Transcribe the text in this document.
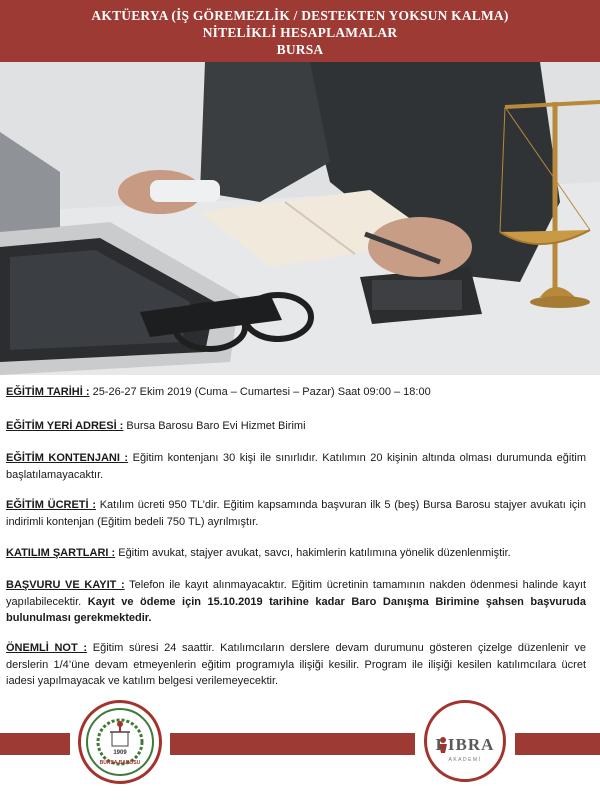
AKTÜERYA (İŞ GÖREMEZLİK / DESTEKTEN YOKSUN KALMA)
NİTELİKLİ HESAPLAMALAR
BURSA
EĞİTİM TARİHİ : 25-26-27 Ekim 2019 (Cuma – Cumartesi – Pazar) Saat 09:00 – 18:00
EĞİTİM YERİ ADRESİ : Bursa Barosu Baro Evi Hizmet Birimi
EĞİTİM KONTENJANI : Eğitim kontenjanı 30 kişi ile sınırlıdır. Katılımın 20 kişinin altında olması durumunda eğitim başlatılamayacaktır.
EĞİTİM ÜCRETİ : Katılım ücreti 950 TL’dir. Eğitim kapsamında başvuran ilk 5 (beş) Bursa Barosu stajyer avukatı için indirimli kontenjan (Eğitim bedeli 750 TL) ayrılmıştır.
KATILIM ŞARTLARI : Eğitim avukat, stajyer avukat, savcı, hakimlerin katılımına yönelik düzenlenmiştir.
BAŞVURU VE KAYIT : Telefon ile kayıt alınmayacaktır. Eğitim ücretinin tamamının nakden ödenmesi halinde kayıt yapılabilecektir. Kayıt ve ödeme için 15.10.2019 tarihine kadar Baro Danışma Birimine şahsen başvuruda bulunulması gerekmektedir.
ÖNEMLİ NOT : Eğitim süresi 24 saattir. Katılımcıların derslere devam durumunu gösteren çizelge düzenlenir ve derslerin 1/4’üne devam etmeyenlerin eğitim programıyla ilişiği kesilir. Program ile ilişiği kesilen katılımcılara ücret iadesi yapılmayacak ve katılım belgesi verilemeyecektir.
1909
BURSA BAROSU
LIBRA
AKADEMİ
